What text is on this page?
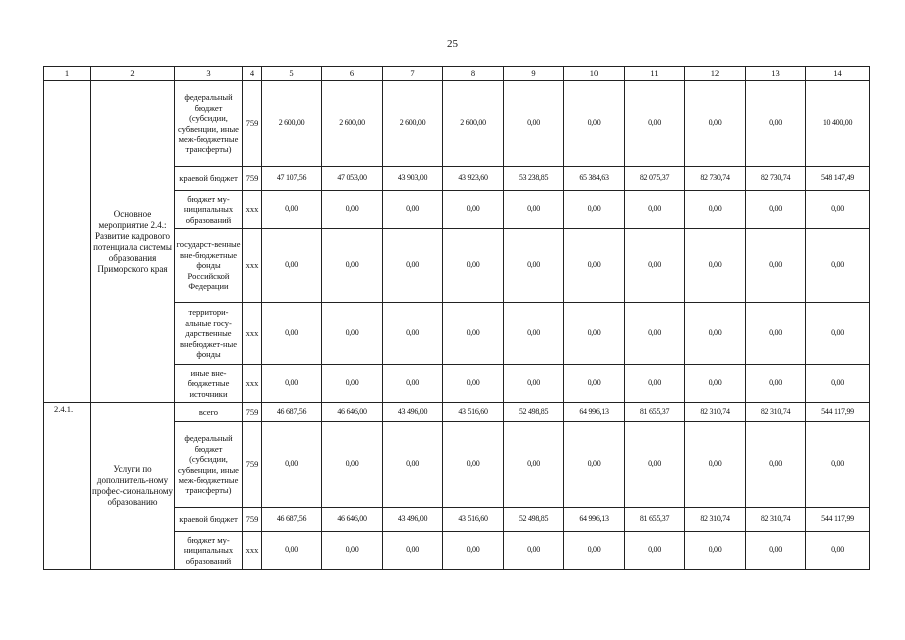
25
1	2	3	4	5	6	7	8	9	10	11	12	13	14
	Основное мероприятие 2.4.: Развитие кадрового потенциала системы образования Приморского края	федеральный бюджет (субсидии, субвенции, иные меж-бюджетные трансферты)	759	2 600,00	2 600,00	2 600,00	2 600,00	0,00	0,00	0,00	0,00	0,00	10 400,00
		краевой бюджет	759	47 107,56	47 053,00	43 903,00	43 923,60	53 238,85	65 384,63	82 075,37	82 730,74	82 730,74	548 147,49
		бюджет му-ниципальных образований	xxx	0,00	0,00	0,00	0,00	0,00	0,00	0,00	0,00	0,00	0,00
		государст-венные вне-бюджетные фонды Российской Федерации	xxx	0,00	0,00	0,00	0,00	0,00	0,00	0,00	0,00	0,00	0,00
		территори-альные госу-дарственные внебюджет-ные фонды	xxx	0,00	0,00	0,00	0,00	0,00	0,00	0,00	0,00	0,00	0,00
		иные вне-бюджетные источники	xxx	0,00	0,00	0,00	0,00	0,00	0,00	0,00	0,00	0,00	0,00
2.4.1.	Услуги по дополнитель-ному профес-сиональному образованию	всего	759	46 687,56	46 646,00	43 496,00	43 516,60	52 498,85	64 996,13	81 655,37	82 310,74	82 310,74	544 117,99
		федеральный бюджет (субсидии, субвенции, иные меж-бюджетные трансферты)	759	0,00	0,00	0,00	0,00	0,00	0,00	0,00	0,00	0,00	0,00
		краевой бюджет	759	46 687,56	46 646,00	43 496,00	43 516,60	52 498,85	64 996,13	81 655,37	82 310,74	82 310,74	544 117,99
		бюджет му-ниципальных образований	xxx	0,00	0,00	0,00	0,00	0,00	0,00	0,00	0,00	0,00	0,00
